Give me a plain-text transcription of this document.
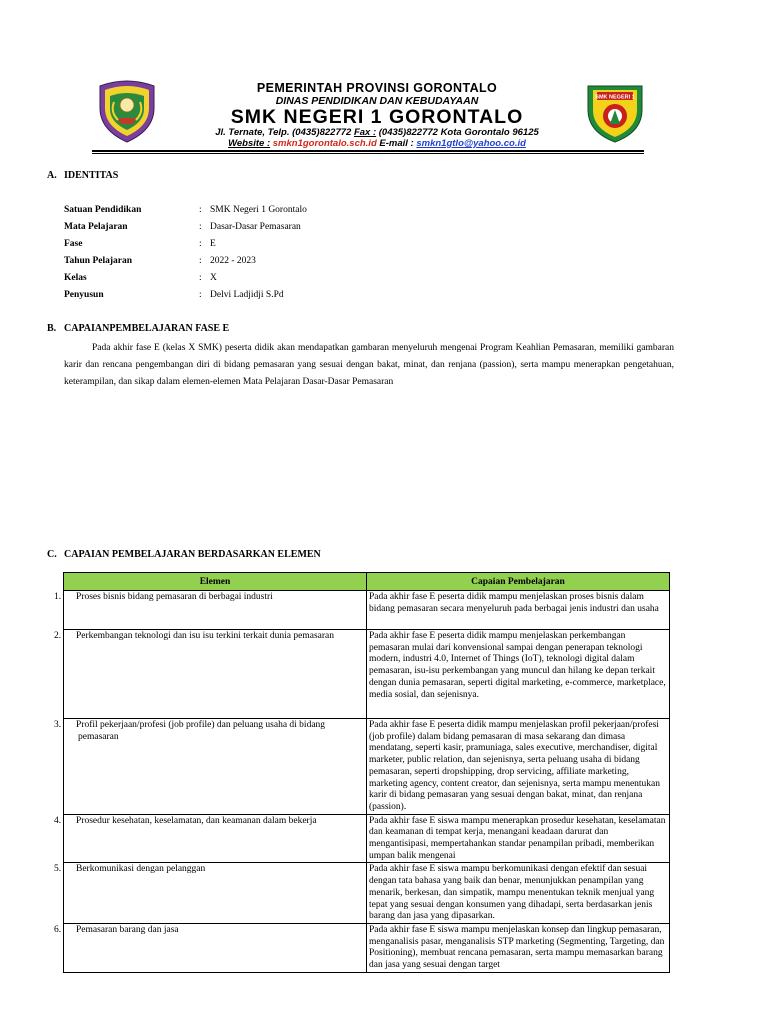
PEMERINTAH PROVINSI GORONTALO
DINAS PENDIDIKAN DAN KEBUDAYAAN
SMK NEGERI 1 GORONTALO
Jl. Ternate, Telp. (0435)822772 Fax : (0435)822772 Kota Gorontalo 96125
Website : smkn1gorontalo.sch.id E-mail : smkn1gtlo@yahoo.co.id
SMK NEGERI 1
A. IDENTITAS
Satuan Pendidikan	: SMK Negeri 1 Gorontalo
Mata Pelajaran	: Dasar-Dasar Pemasaran
Fase	: E
Tahun Pelajaran	: 2022 - 2023
Kelas	: X
Penyusun	: Delvi Ladjidji S.Pd
B. CAPAIANPEMBELAJARAN FASE E
Pada akhir fase E (kelas X SMK) peserta didik akan mendapatkan gambaran menyeluruh mengenai Program Keahlian Pemasaran, memiliki gambaran karir dan rencana pengembangan diri di bidang pemasaran yang sesuai dengan bakat, minat, dan renjana (passion), serta mampu menerapkan pengetahuan, keterampilan, dan sikap dalam elemen-elemen Mata Pelajaran Dasar-Dasar Pemasaran
C. CAPAIAN PEMBELAJARAN BERDASARKAN ELEMEN
Elemen	Capaian Pembelajaran

1. Proses bisnis bidang pemasaran di berbagai industri	Pada akhir fase E peserta didik mampu menjelaskan proses bisnis dalam bidang pemasaran secara menyeluruh pada berbagai jenis industri dan usaha

2. Perkembangan teknologi dan isu isu terkini terkait dunia pemasaran	Pada akhir fase E peserta didik mampu menjelaskan perkembangan pemasaran mulai dari konvensional sampai dengan penerapan teknologi modern, industri 4.0, Internet of Things (IoT), teknologi digital dalam pemasaran, isu-isu perkembangan yang muncul dan hilang ke depan terkait dengan dunia pemasaran, seperti digital marketing, e-commerce, marketplace, media sosial, dan sejenisnya.

3. Profil pekerjaan/profesi (job profile) dan peluang usaha di bidang pemasaran	Pada akhir fase E peserta didik mampu menjelaskan profil pekerjaan/profesi (job profile) dalam bidang pemasaran di masa sekarang dan dimasa mendatang, seperti kasir, pramuniaga, sales executive, merchandiser, digital marketer, public relation, dan sejenisnya, serta peluang usaha di bidang pemasaran, seperti dropshipping, drop servicing, affiliate marketing, marketing agency, content creator, dan sejenisnya, serta mampu menentukan karir di bidang pemasaran yang sesuai dengan bakat, minat, dan renjana (passion).

4. Prosedur kesehatan, keselamatan, dan keamanan dalam bekerja	Pada akhir fase E siswa mampu menerapkan prosedur kesehatan, keselamatan dan keamanan di tempat kerja, menangani keadaan darurat dan mengantisipasi, mempertahankan standar penampilan pribadi, memberikan umpan balik mengenai

5. Berkomunikasi dengan pelanggan	Pada akhir fase E siswa mampu berkomunikasi dengan efektif dan sesuai dengan tata bahasa yang baik dan benar, menunjukkan penampilan yang menarik, berkesan, dan simpatik, mampu menentukan teknik menjual yang tepat yang sesuai dengan konsumen yang dihadapi, serta berdasarkan jenis barang dan jasa yang dipasarkan.

6. Pemasaran barang dan jasa	Pada akhir fase E siswa mampu menjelaskan konsep dan lingkup pemasaran, menganalisis pasar, menganalisis STP marketing (Segmenting, Targeting, dan Positioning), membuat rencana pemasaran, serta mampu memasarkan barang dan jasa yang sesuai dengan target
